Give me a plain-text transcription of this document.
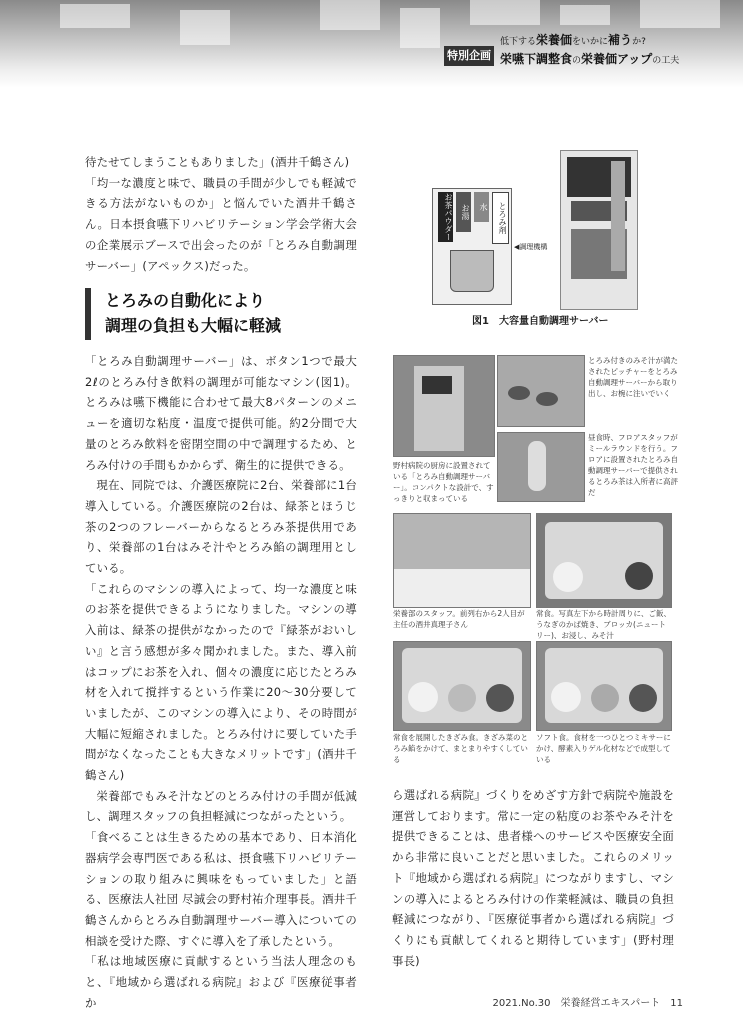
特別企画
低下する栄養価をいかに補うか?
栄嚥下調整食の栄養価アップの工夫

待たせてしまうこともありました」(酒井千鶴さん)

「均一な濃度と味で、職員の手間が少しでも軽減できる方法がないものか」と悩んでいた酒井千鶴さん。日本摂食嚥下リハビリテーション学会学術大会の企業展示ブースで出会ったのが「とろみ自動調理サーバー」(アペックス)だった。

とろみの自動化により
調理の負担も大幅に軽減

「とろみ自動調理サーバー」は、ボタン1つで最大2ℓのとろみ付き飲料の調理が可能なマシン(図1)。とろみは嚥下機能に合わせて最大8パターンのメニューを適切な粘度・温度で提供可能。約2分間で大量のとろみ飲料を密閉空間の中で調理するため、とろみ付けの手間もかからず、衛生的に提供できる。

現在、同院では、介護医療院に2台、栄養部に1台導入している。介護医療院の2台は、緑茶とほうじ茶の2つのフレーバーからなるとろみ茶提供用であり、栄養部の1台はみそ汁やとろみ餡の調理用としている。

「これらのマシンの導入によって、均一な濃度と味のお茶を提供できるようになりました。マシンの導入前は、緑茶の提供がなかったので『緑茶がおいしい』と言う感想が多々聞かれました。また、導入前はコップにお茶を入れ、個々の濃度に応じたとろみ材を入れて撹拌するという作業に20〜30分要していましたが、このマシンの導入により、その時間が大幅に短縮されました。とろみ付けに要していた手間がなくなったことも大きなメリットです」(酒井千鶴さん)

栄養部でもみそ汁などのとろみ付けの手間が低減し、調理スタッフの負担軽減につながったという。

「食べることは生きるための基本であり、日本消化器病学会専門医である私は、摂食嚥下リハビリテーションの取り組みに興味をもっていました」と語る、医療法人社団 尽誠会の野村祐介理事長。酒井千鶴さんからとろみ自動調理サーバー導入についての相談を受けた際、すぐに導入を了承したという。

「私は地域医療に貢献するという当法人理念のもと、『地域から選ばれる病院』および『医療従事者か

お茶パウダー	お湯	水	とろみ剤
◀調理機構
図1　大容量自動調理サーバー
野村病院の厨房に設置されている「とろみ自動調理サーバー」。コンパクトな設計で、すっきりと収まっている
とろみ付きのみそ汁が満たされたピッチャーをとろみ自動調理サーバーから取り出し、お椀に注いでいく
昼食時、フロアスタッフがミールラウンドを行う。フロアに設置されたとろみ自動調理サーバーで提供されるとろみ茶は入所者に高評だ
栄養部のスタッフ。前列右から2人目が主任の酒井真理子さん
常食。写真左下から時計周りに、ご飯、うなぎのかば焼き、ブロッカ(ニュートリー)、お浸し、みそ汁
常食を展開したきざみ食。きざみ菜のとろみ餡をかけて、まとまりやすくしている
ソフト食。食材を一つひとつミキサーにかけ、酵素入りゲル化材などで成型している

ら選ばれる病院』づくりをめざす方針で病院や施設を運営しております。常に一定の粘度のお茶やみそ汁を提供できることは、患者様へのサービスや医療安全面から非常に良いことだと思いました。これらのメリット『地域から選ばれる病院』につながりますし、マシンの導入によるとろみ付けの作業軽減は、職員の負担軽減につながり、『医療従事者から選ばれる病院』づくりにも貢献してくれると期待しています」(野村理事長)

2021.No.30　栄養経営エキスパート　11
